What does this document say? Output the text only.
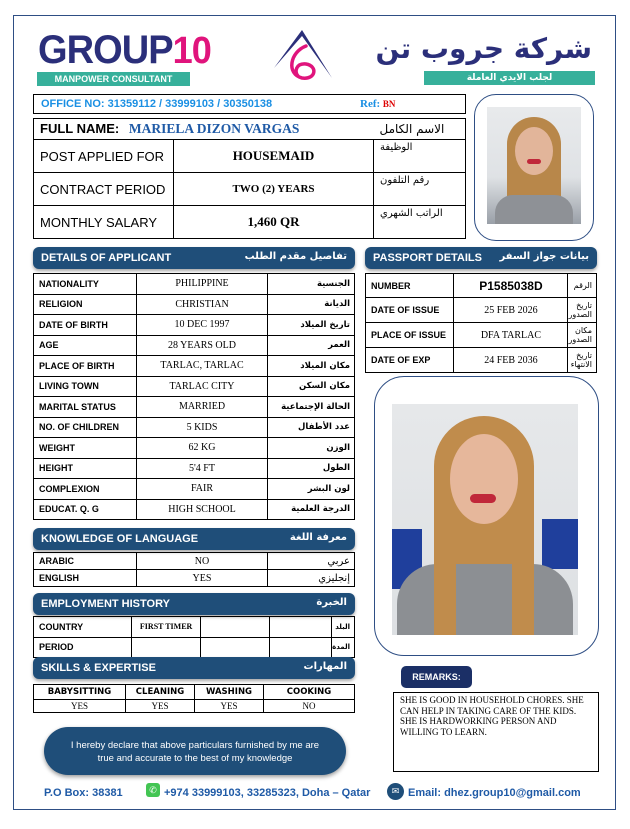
GROUP10
MANPOWER CONSULTANT
شركة جروب تن
لجلب الايدي العاملة
OFFICE NO: 31359112 / 33999103 / 30350138	Ref: BN
FULL NAME: MARIELA DIZON VARGAS		الاسم الكامل
POST APPLIED FOR	HOUSEMAID	الوظيفة
CONTRACT PERIOD	TWO (2) YEARS	رقم التلفون
MONTHLY SALARY	1,460 QR	الراتب الشهري
DETAILS OF APPLICANT	تفاصيل مقدم الطلب
NATIONALITY	PHILIPPINE	الجنسية
RELIGION	CHRISTIAN	الديانة
DATE OF BIRTH	10 DEC 1997	تاريخ الميلاد
AGE	28 YEARS OLD	العمر
PLACE OF BIRTH	TARLAC, TARLAC	مكان الميلاد
LIVING TOWN	TARLAC CITY	مكان السكن
MARITAL STATUS	MARRIED	الحالة الإجتماعية
NO. OF CHILDREN	5 KIDS	عدد الأطفال
WEIGHT	62 KG	الوزن
HEIGHT	5'4 FT	الطول
COMPLEXION	FAIR	لون البشر
EDUCAT. Q. G	HIGH SCHOOL	الدرجة العلمية
PASSPORT DETAILS بيانات جواز السفر
NUMBER	P1585038D	الرقم
DATE OF ISSUE	25 FEB 2026	تاريخ الصدور
PLACE OF ISSUE	DFA TARLAC	مكان الصدور
DATE OF EXP	24 FEB 2036	تاريخ الانتهاء
KNOWLEDGE OF LANGUAGE	معرفة اللغة
ARABIC	NO	عربي
ENGLISH	YES	إنجليزي
EMPLOYMENT HISTORY	الخبرة
COUNTRY	FIRST TIMER			البلد
PERIOD				المدة
SKILLS & EXPERTISE	المهارات
BABYSITTING	CLEANING	WASHING	COOKING
YES	YES	YES	NO
REMARKS:
SHE IS GOOD IN HOUSEHOLD CHORES. SHE CAN HELP IN TAKING CARE OF THE KIDS. SHE IS HARDWORKING PERSON AND WILLING TO LEARN.
I hereby declare that above particulars furnished by me are
true and accurate to the best of my knowledge
P.O Box: 38381	✆ +974 33999103, 33285323, Doha – Qatar	✉ Email: dhez.group10@gmail.com
